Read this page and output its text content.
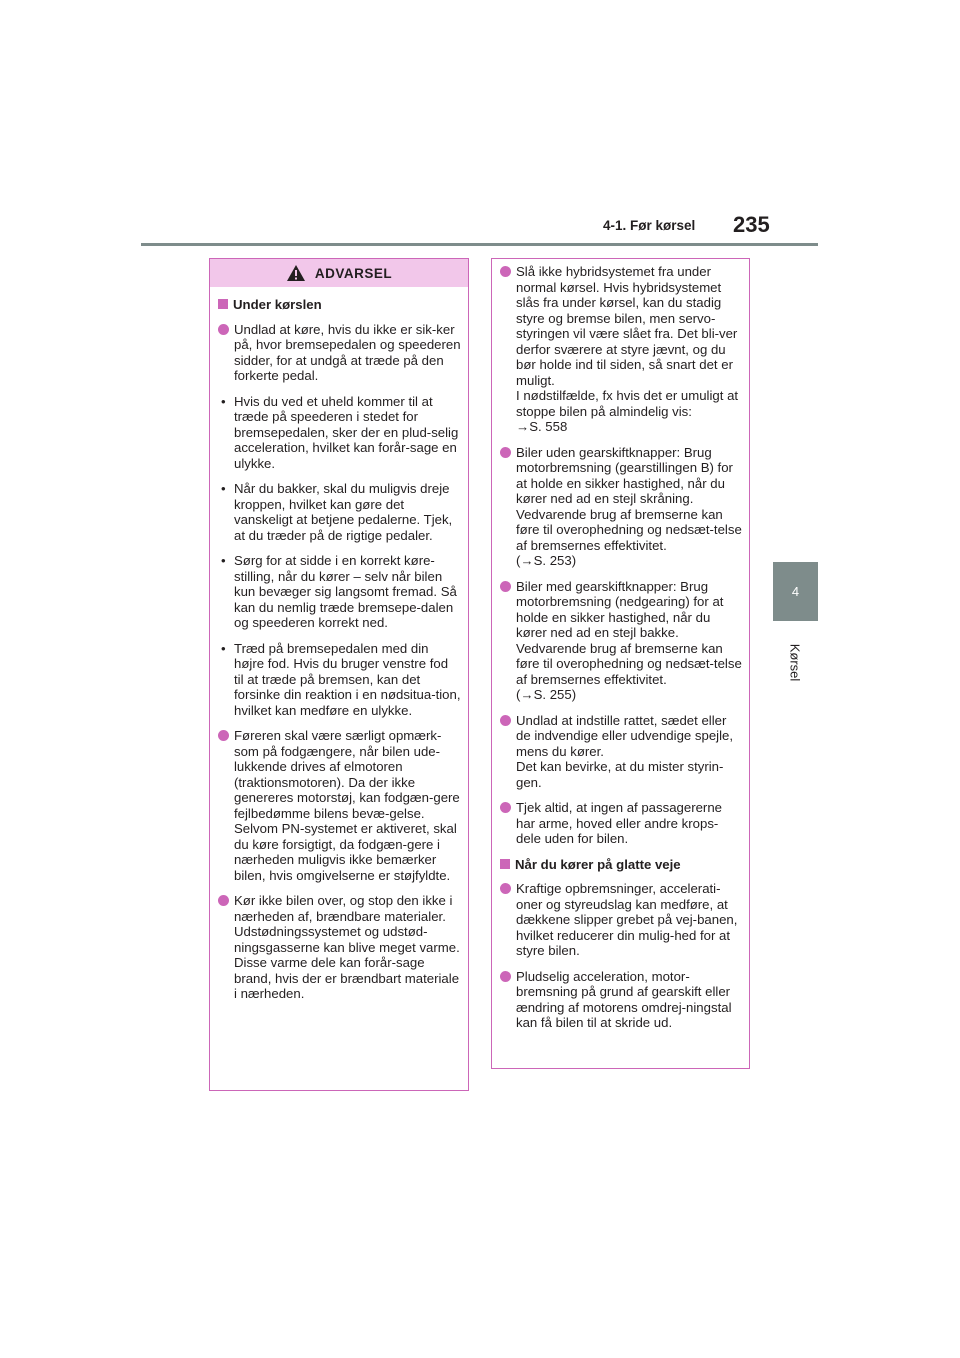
4-1. Før kørsel 235
4
Kørsel
ADVARSEL
Under kørslen
Undlad at køre, hvis du ikke er sik-ker på, hvor bremsepedalen og speederen sidder, for at undgå at træde på den forkerte pedal.
• Hvis du ved et uheld kommer til at træde på speederen i stedet for bremsepedalen, sker der en plud-selig acceleration, hvilket kan forår-sage en ulykke.
• Når du bakker, skal du muligvis dreje kroppen, hvilket kan gøre det vanskeligt at betjene pedalerne. Tjek, at du træder på de rigtige pedaler.
• Sørg for at sidde i en korrekt køre-stilling, når du kører – selv når bilen kun bevæger sig langsomt fremad. Så kan du nemlig træde bremsepe-dalen og speederen korrekt ned.
• Træd på bremsepedalen med din højre fod. Hvis du bruger venstre fod til at træde på bremsen, kan det forsinke din reaktion i en nødsitua-tion, hvilket kan medføre en ulykke.
Føreren skal være særligt opmærk-som på fodgængere, når bilen ude-lukkende drives af elmotoren (traktionsmotoren). Da der ikke genereres motorstøj, kan fodgæn-gere fejlbedømme bilens bevæ-gelse.
Selvom PN-systemet er aktiveret, skal du køre forsigtigt, da fodgæn-gere i nærheden muligvis ikke bemærker bilen, hvis omgivelserne er støjfyldte.
Kør ikke bilen over, og stop den ikke i nærheden af, brændbare materialer.
Udstødningssystemet og udstød-ningsgasserne kan blive meget varme. Disse varme dele kan forår-sage brand, hvis der er brændbart materiale i nærheden.
Slå ikke hybridsystemet fra under normal kørsel. Hvis hybridsystemet slås fra under kørsel, kan du stadig styre og bremse bilen, men servo-styringen vil være slået fra. Det bli-ver derfor sværere at styre jævnt, og du bør holde ind til siden, så snart det er muligt.
I nødstilfælde, fx hvis det er umuligt at stoppe bilen på almindelig vis:
→S. 558
Biler uden gearskiftknapper: Brug motorbremsning (gearstillingen B) for at holde en sikker hastighed, når du kører ned ad en stejl skråning. Vedvarende brug af bremserne kan føre til overophedning og nedsæt-telse af bremsernes effektivitet.
(→S. 253)
Biler med gearskiftknapper: Brug motorbremsning (nedgearing) for at holde en sikker hastighed, når du kører ned ad en stejl bakke. Vedvarende brug af bremserne kan føre til overophedning og nedsæt-telse af bremsernes effektivitet.
(→S. 255)
Undlad at indstille rattet, sædet eller de indvendige eller udvendige spejle, mens du kører.
Det kan bevirke, at du mister styrin-gen.
Tjek altid, at ingen af passagererne har arme, hoved eller andre krops-dele uden for bilen.
Når du kører på glatte veje
Kraftige opbremsninger, accelerati-oner og styreudslag kan medføre, at dækkene slipper grebet på vej-banen, hvilket reducerer din mulig-hed for at styre bilen.
Pludselig acceleration, motor-bremsning på grund af gearskift eller ændring af motorens omdrej-ningstal kan få bilen til at skride ud.
